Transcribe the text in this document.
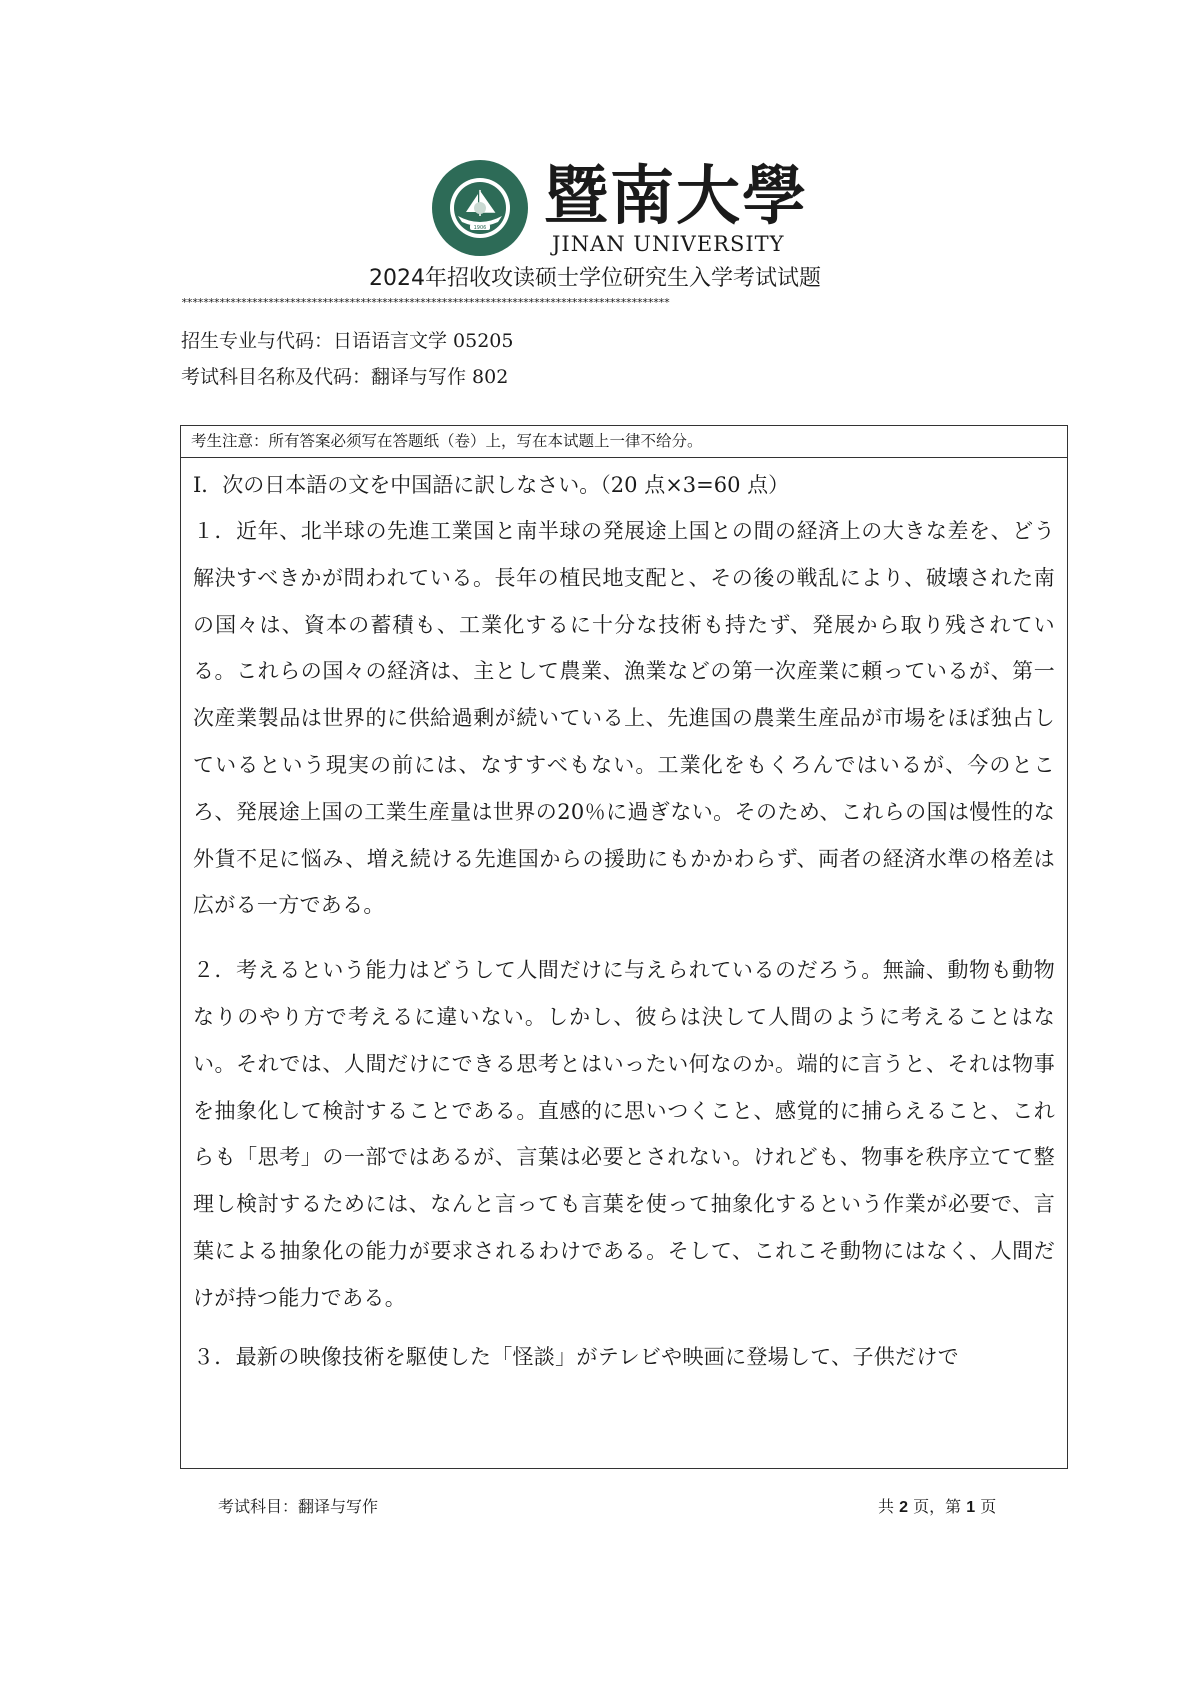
1906 暨南大學
JINAN UNIVERSITY
2024年招收攻读硕士学位研究生入学考试试题
******************************************************************************************
招生专业与代码：日语语言文学 05205
考试科目名称及代码：翻译与写作 802
考生注意：所有答案必须写在答题纸（卷）上，写在本试题上一律不给分。
Ⅰ．次の日本語の文を中国語に訳しなさい。（20 点×3=60 点）

１．近年、北半球の先進工業国と南半球の発展途上国との間の経済上の大きな差を、どう解決すべきかが問われている。長年の植民地支配と、その後の戦乱により、破壊された南の国々は、資本の蓄積も、工業化するに十分な技術も持たず、発展から取り残されている。これらの国々の経済は、主として農業、漁業などの第一次産業に頼っているが、第一次産業製品は世界的に供給過剰が続いている上、先進国の農業生産品が市場をほぼ独占しているという現実の前には、なすすべもない。工業化をもくろんではいるが、今のところ、発展途上国の工業生産量は世界の20％に過ぎない。そのため、これらの国は慢性的な外貨不足に悩み、増え続ける先進国からの援助にもかかわらず、両者の経済水準の格差は広がる一方である。

２．考えるという能力はどうして人間だけに与えられているのだろう。無論、動物も動物なりのやり方で考えるに違いない。しかし、彼らは決して人間のように考えることはない。それでは、人間だけにできる思考とはいったい何なのか。端的に言うと、それは物事を抽象化して検討することである。直感的に思いつくこと、感覚的に捕らえること、これらも「思考」の一部ではあるが、言葉は必要とされない。けれども、物事を秩序立てて整理し検討するためには、なんと言っても言葉を使って抽象化するという作業が必要で、言葉による抽象化の能力が要求されるわけである。そして、これこそ動物にはなく、人間だけが持つ能力である。

３．最新の映像技術を駆使した「怪談」がテレビや映画に登場して、子供だけで

考试科目：翻译与写作	共 2 页，第 1 页
